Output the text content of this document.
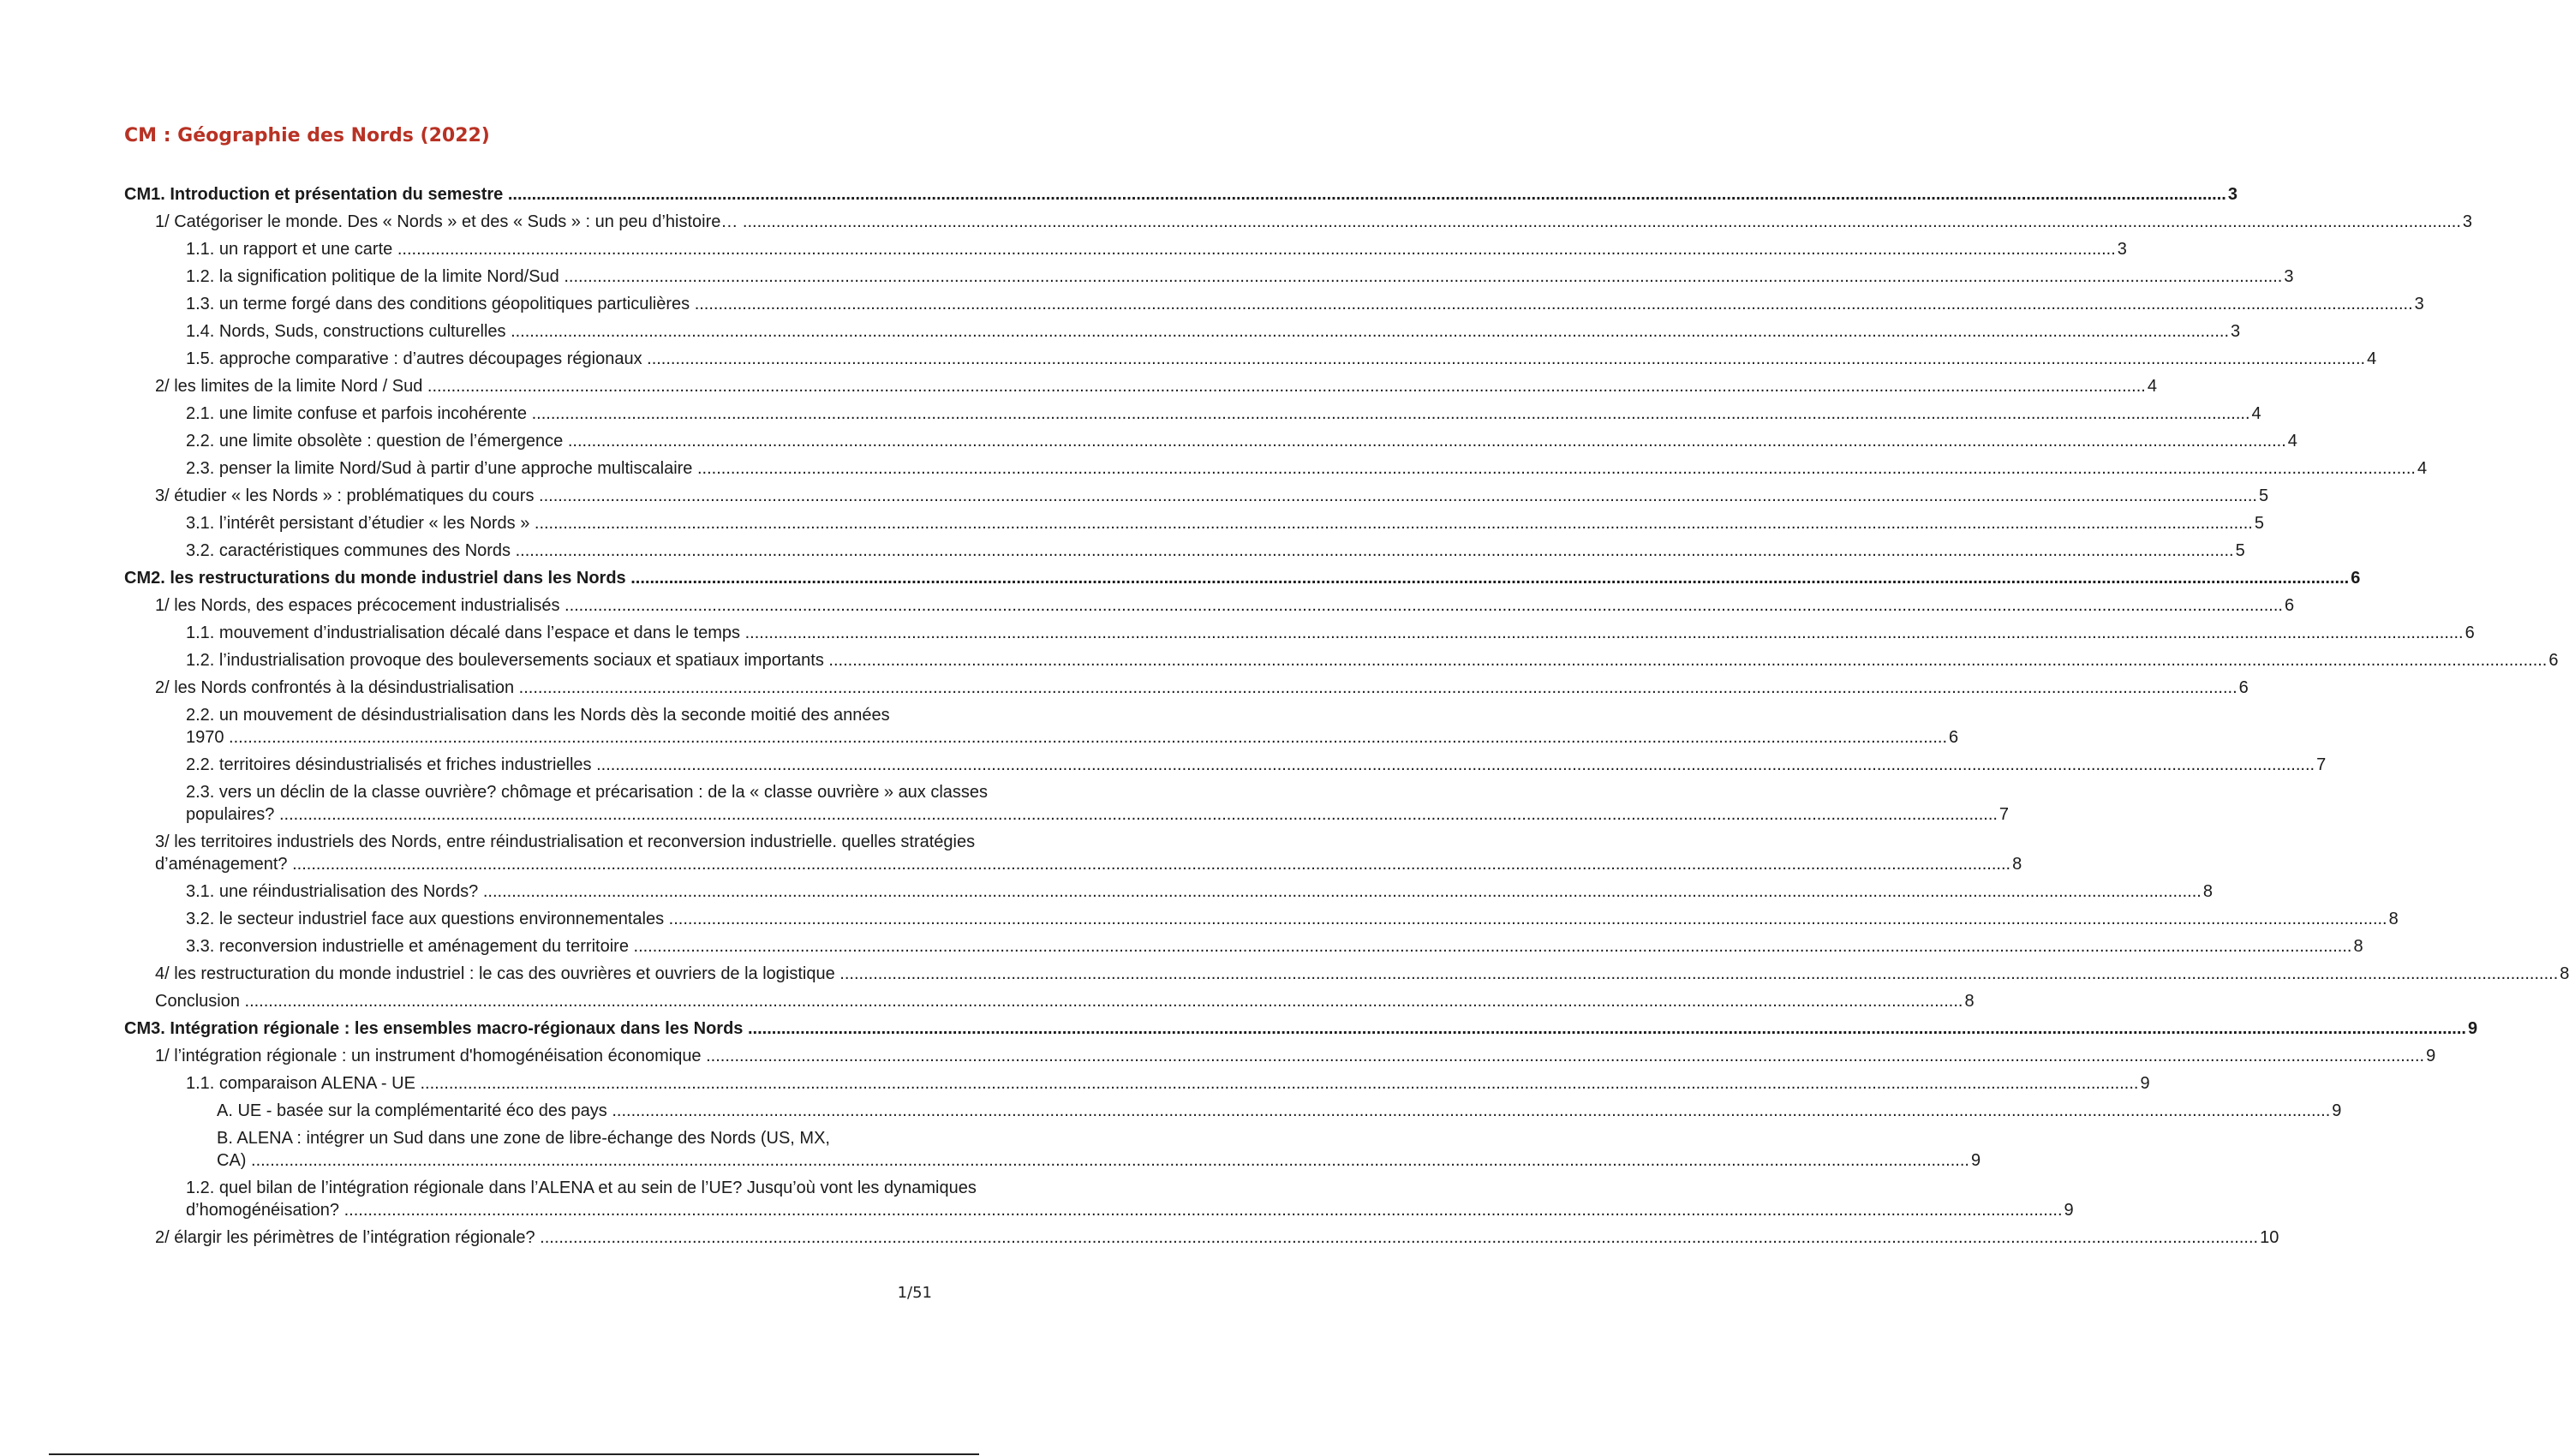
CM : Géographie des Nords (2022)
CM1. Introduction et présentation du semestre .....	3
1/ Catégoriser le monde. Des « Nords » et des « Suds » : un peu d’histoire… .....	3
1.1. un rapport et une carte .....	3
1.2. la signification politique de la limite Nord/Sud .....	3
1.3. un terme forgé dans des conditions géopolitiques particulières .....	3
1.4. Nords, Suds, constructions culturelles .....	3
1.5. approche comparative : d’autres découpages régionaux .....	4
2/ les limites de la limite Nord / Sud .....	4
2.1. une limite confuse et parfois incohérente .....	4
2.2. une limite obsolète : question de l’émergence .....	4
2.3. penser la limite Nord/Sud à partir d’une approche multiscalaire .....	4
3/ étudier « les Nords » : problématiques du cours .....	5
3.1. l’intérêt persistant d’étudier « les Nords » .....	5
3.2. caractéristiques communes des Nords .....	5
CM2. les restructurations du monde industriel dans les Nords .....	6
1/ les Nords, des espaces précocement industrialisés .....	6
1.1. mouvement d’industrialisation décalé dans l’espace et dans le temps .....	6
1.2. l’industrialisation provoque des bouleversements sociaux et spatiaux importants .....	6
2/ les Nords confrontés à la désindustrialisation .....	6
2.2. un mouvement de désindustrialisation dans les Nords dès la seconde moitié des années 1970 .....	6
2.2. territoires désindustrialisés et friches industrielles .....	7
2.3. vers un déclin de la classe ouvrière? chômage et précarisation : de la « classe ouvrière » aux classes populaires? .....	7
3/ les territoires industriels des Nords, entre réindustrialisation et reconversion industrielle. quelles stratégies d’aménagement? .....	8
3.1. une réindustrialisation des Nords? .....	8
3.2. le secteur industriel face aux questions environnementales .....	8
3.3. reconversion industrielle et aménagement du territoire .....	8
4/ les restructuration du monde industriel : le cas des ouvrières et ouvriers de la logistique .....	8
Conclusion .....	8
CM3. Intégration régionale : les ensembles macro-régionaux dans les Nords .....	9
1/ l’intégration régionale : un instrument d'homogénéisation économique .....	9
1.1. comparaison ALENA - UE .....	9
A. UE - basée sur la complémentarité éco des pays .....	9
B. ALENA : intégrer un Sud dans une zone de libre-échange des Nords (US, MX, CA) .....	9
1.2. quel bilan de l’intégration régionale dans l’ALENA et au sein de l’UE? Jusqu’où vont les dynamiques d’homogénéisation? .....	9
2/ élargir les périmètres de l’intégration régionale? .....	10
1/51
